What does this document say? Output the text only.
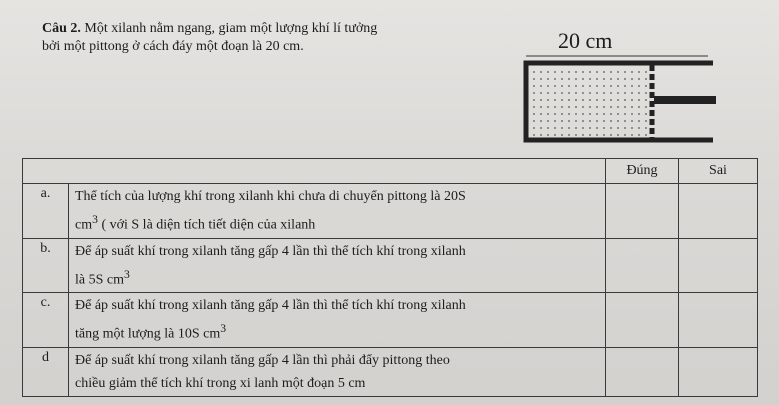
Câu 2. Một xilanh nằm ngang, giam một lượng khí lí tưởng
bởi một pittong ở cách đáy một đoạn là 20 cm.	20 cm
		Đúng	Sai
a.	Thể tích của lượng khí trong xilanh khi chưa di chuyển pittong là 20S
$cm^3$ ( với S là diện tích tiết diện của xilanh		

b.	Để áp suất khí trong xilanh tăng gấp 4 lần thì thể tích khí trong xilanh
là 5S $cm^3$

c.	Để áp suất khí trong xilanh tăng gấp 4 lần thì thể tích khí trong xilanh
tăng một lượng là 10S $cm^3$

d	Để áp suất khí trong xilanh tăng gấp 4 lần thì phải đẩy pittong theo
chiều giảm thể tích khí trong xi lanh một đoạn 5 cm		
